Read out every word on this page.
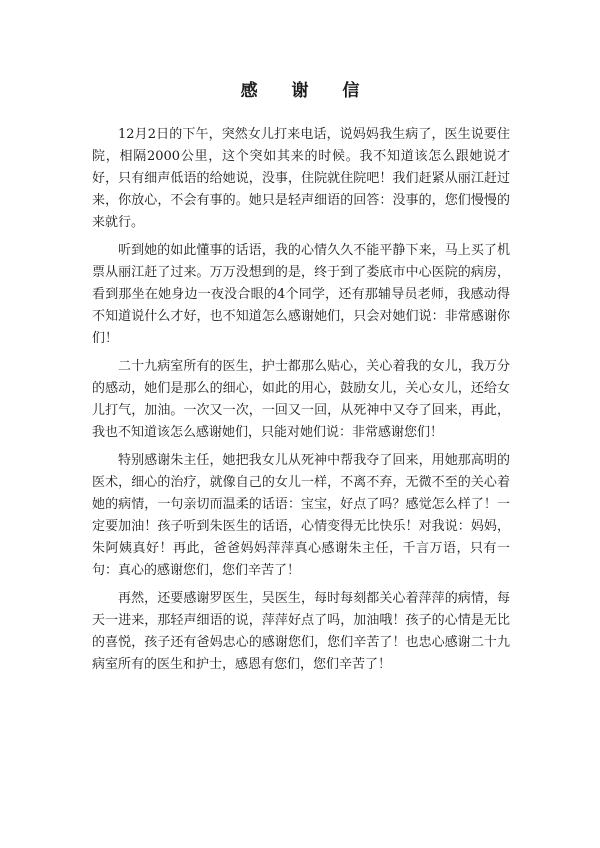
感 谢 信

12月2日的下午，突然女儿打来电话，说妈妈我生病了，医生说要住院，相隔2000公里，这个突如其来的时候。我不知道该怎么跟她说才好，只有细声低语的给她说，没事，住院就住院吧！我们赶紧从丽江赶过来，你放心，不会有事的。她只是轻声细语的回答：没事的，您们慢慢的来就行。

听到她的如此懂事的话语，我的心情久久不能平静下来，马上买了机票从丽江赶了过来。万万没想到的是，终于到了娄底市中心医院的病房，看到那坐在她身边一夜没合眼的4个同学，还有那辅导员老师，我感动得不知道说什么才好，也不知道怎么感谢她们，只会对她们说：非常感谢你们！

二十九病室所有的医生，护士都那么贴心，关心着我的女儿，我万分的感动，她们是那么的细心，如此的用心，鼓励女儿，关心女儿，还给女儿打气，加油。一次又一次，一回又一回，从死神中又夺了回来，再此，我也不知道该怎么感谢她们，只能对她们说：非常感谢您们！

特别感谢朱主任，她把我女儿从死神中帮我夺了回来，用她那高明的医术，细心的治疗，就像自己的女儿一样，不离不弃，无微不至的关心着她的病情，一句亲切而温柔的话语：宝宝，好点了吗？感觉怎么样了！一定要加油！孩子听到朱医生的话语，心情变得无比快乐！对我说：妈妈，朱阿姨真好！再此，爸爸妈妈萍萍真心感谢朱主任，千言万语，只有一句：真心的感谢您们，您们辛苦了！

再然，还要感谢罗医生，吴医生，每时每刻都关心着萍萍的病情，每天一进来，那轻声细语的说，萍萍好点了吗，加油哦！孩子的心情是无比的喜悦，孩子还有爸妈忠心的感谢您们，您们辛苦了！也忠心感谢二十九病室所有的医生和护士，感恩有您们，您们辛苦了！
